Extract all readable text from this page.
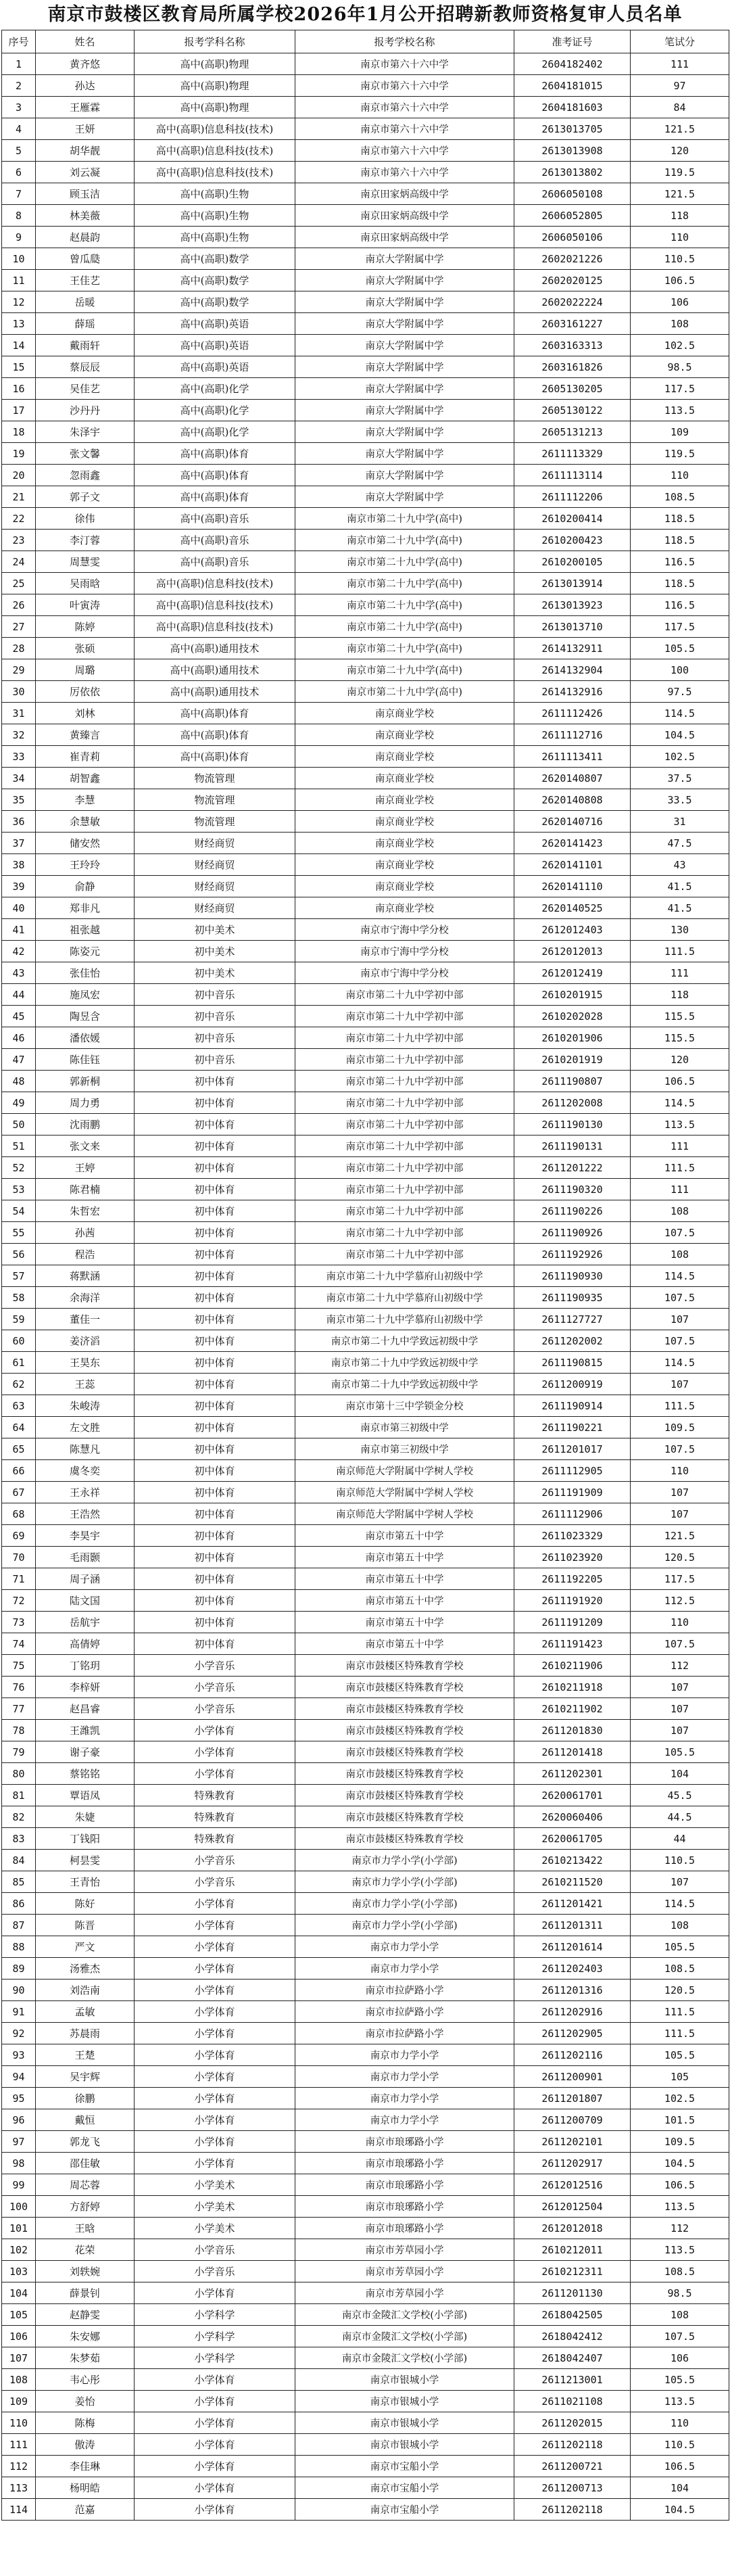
南京市鼓楼区教育局所属学校2026年1月公开招聘新教师资格复审人员名单
序号	姓名	报考学科名称	报考学校名称	准考证号	笔试分
1	黄齐悠	高中(高职)物理	南京市第六十六中学	2604182402	111
2	孙达	高中(高职)物理	南京市第六十六中学	2604181015	97
3	王雁霖	高中(高职)物理	南京市第六十六中学	2604181603	84
4	王妍	高中(高职)信息科技(技术)	南京市第六十六中学	2613013705	121.5
5	胡华靓	高中(高职)信息科技(技术)	南京市第六十六中学	2613013908	120
6	刘云凝	高中(高职)信息科技(技术)	南京市第六十六中学	2613013802	119.5
7	顾玉洁	高中(高职)生物	南京田家炳高级中学	2606050108	121.5
8	林美薇	高中(高职)生物	南京田家炳高级中学	2606052805	118
9	赵晨韵	高中(高职)生物	南京田家炳高级中学	2606050106	110
10	曾瓜瓞	高中(高职)数学	南京大学附属中学	2602021226	110.5
11	王佳艺	高中(高职)数学	南京大学附属中学	2602020125	106.5
12	岳暖	高中(高职)数学	南京大学附属中学	2602022224	106
13	薛瑶	高中(高职)英语	南京大学附属中学	2603161227	108
14	戴雨轩	高中(高职)英语	南京大学附属中学	2603163313	102.5
15	蔡辰辰	高中(高职)英语	南京大学附属中学	2603161826	98.5
16	吴佳艺	高中(高职)化学	南京大学附属中学	2605130205	117.5
17	沙丹丹	高中(高职)化学	南京大学附属中学	2605130122	113.5
18	朱泽宇	高中(高职)化学	南京大学附属中学	2605131213	109
19	张文馨	高中(高职)体育	南京大学附属中学	2611113329	119.5
20	忽雨鑫	高中(高职)体育	南京大学附属中学	2611113114	110
21	郭子文	高中(高职)体育	南京大学附属中学	2611112206	108.5
22	徐伟	高中(高职)音乐	南京市第二十九中学(高中)	2610200414	118.5
23	李汀蓉	高中(高职)音乐	南京市第二十九中学(高中)	2610200423	118.5
24	周慧雯	高中(高职)音乐	南京市第二十九中学(高中)	2610200105	116.5
25	吴雨晗	高中(高职)信息科技(技术)	南京市第二十九中学(高中)	2613013914	118.5
26	叶寅涛	高中(高职)信息科技(技术)	南京市第二十九中学(高中)	2613013923	116.5
27	陈婷	高中(高职)信息科技(技术)	南京市第二十九中学(高中)	2613013710	117.5
28	张硕	高中(高职)通用技术	南京市第二十九中学(高中)	2614132911	105.5
29	周璐	高中(高职)通用技术	南京市第二十九中学(高中)	2614132904	100
30	厉依依	高中(高职)通用技术	南京市第二十九中学(高中)	2614132916	97.5
31	刘林	高中(高职)体育	南京商业学校	2611112426	114.5
32	黄臻言	高中(高职)体育	南京商业学校	2611112716	104.5
33	崔青莉	高中(高职)体育	南京商业学校	2611113411	102.5
34	胡智鑫	物流管理	南京商业学校	2620140807	37.5
35	李慧	物流管理	南京商业学校	2620140808	33.5
36	余慧敏	物流管理	南京商业学校	2620140716	31
37	储安然	财经商贸	南京商业学校	2620141423	47.5
38	王玲玲	财经商贸	南京商业学校	2620141101	43
39	俞静	财经商贸	南京商业学校	2620141110	41.5
40	郑非凡	财经商贸	南京商业学校	2620140525	41.5
41	祖张越	初中美术	南京市宁海中学分校	2612012403	130
42	陈姿元	初中美术	南京市宁海中学分校	2612012013	111.5
43	张佳怡	初中美术	南京市宁海中学分校	2612012419	111
44	施凤宏	初中音乐	南京市第二十九中学初中部	2610201915	118
45	陶昱含	初中音乐	南京市第二十九中学初中部	2610202028	115.5
46	潘依媛	初中音乐	南京市第二十九中学初中部	2610201906	115.5
47	陈佳钰	初中音乐	南京市第二十九中学初中部	2610201919	120
48	郭新桐	初中体育	南京市第二十九中学初中部	2611190807	106.5
49	周力勇	初中体育	南京市第二十九中学初中部	2611202008	114.5
50	沈雨鹏	初中体育	南京市第二十九中学初中部	2611190130	113.5
51	张文来	初中体育	南京市第二十九中学初中部	2611190131	111
52	王婷	初中体育	南京市第二十九中学初中部	2611201222	111.5
53	陈君楠	初中体育	南京市第二十九中学初中部	2611190320	111
54	朱哲宏	初中体育	南京市第二十九中学初中部	2611190226	108
55	孙茜	初中体育	南京市第二十九中学初中部	2611190926	107.5
56	程浩	初中体育	南京市第二十九中学初中部	2611192926	108
57	蒋默涵	初中体育	南京市第二十九中学慕府山初级中学	2611190930	114.5
58	余海洋	初中体育	南京市第二十九中学慕府山初级中学	2611190935	107.5
59	董佳一	初中体育	南京市第二十九中学慕府山初级中学	2611127727	107
60	姜济滔	初中体育	南京市第二十九中学致远初级中学	2611202002	107.5
61	王昊东	初中体育	南京市第二十九中学致远初级中学	2611190815	114.5
62	王蕊	初中体育	南京市第二十九中学致远初级中学	2611200919	107
63	朱峻涛	初中体育	南京市第十三中学锁金分校	2611190914	111.5
64	左文胜	初中体育	南京市第三初级中学	2611190221	109.5
65	陈慧凡	初中体育	南京市第三初级中学	2611201017	107.5
66	虞冬奕	初中体育	南京师范大学附属中学树人学校	2611112905	110
67	王永祥	初中体育	南京师范大学附属中学树人学校	2611191909	107
68	王浩然	初中体育	南京师范大学附属中学树人学校	2611112906	107
69	李昊宇	初中体育	南京市第五十中学	2611023329	121.5
70	毛雨颢	初中体育	南京市第五十中学	2611023920	120.5
71	周子涵	初中体育	南京市第五十中学	2611192205	117.5
72	陆文国	初中体育	南京市第五十中学	2611191920	112.5
73	岳航宇	初中体育	南京市第五十中学	2611191209	110
74	高倩婷	初中体育	南京市第五十中学	2611191423	107.5
75	丁铭玥	小学音乐	南京市鼓楼区特殊教育学校	2610211906	112
76	李梓妍	小学音乐	南京市鼓楼区特殊教育学校	2610211918	107
77	赵昌睿	小学音乐	南京市鼓楼区特殊教育学校	2610211902	107
78	王潍凯	小学体育	南京市鼓楼区特殊教育学校	2611201830	107
79	谢子豪	小学体育	南京市鼓楼区特殊教育学校	2611201418	105.5
80	蔡铭铭	小学体育	南京市鼓楼区特殊教育学校	2611202301	104
81	覃语凤	特殊教育	南京市鼓楼区特殊教育学校	2620061701	45.5
82	朱婕	特殊教育	南京市鼓楼区特殊教育学校	2620060406	44.5
83	丁钱阳	特殊教育	南京市鼓楼区特殊教育学校	2620061705	44
84	柯昙雯	小学音乐	南京市力学小学(小学部)	2610213422	110.5
85	王青怡	小学音乐	南京市力学小学(小学部)	2610211520	107
86	陈好	小学体育	南京市力学小学(小学部)	2611201421	114.5
87	陈晋	小学体育	南京市力学小学(小学部)	2611201311	108
88	严文	小学体育	南京市力学小学	2611201614	105.5
89	汤雅杰	小学体育	南京市力学小学	2611202403	108.5
90	刘浩南	小学体育	南京市拉萨路小学	2611201316	120.5
91	孟敏	小学体育	南京市拉萨路小学	2611202916	111.5
92	苏晨雨	小学体育	南京市拉萨路小学	2611202905	111.5
93	王楚	小学体育	南京市力学小学	2611202116	105.5
94	吴宇辉	小学体育	南京市力学小学	2611200901	105
95	徐鹏	小学体育	南京市力学小学	2611201807	102.5
96	戴恒	小学体育	南京市力学小学	2611200709	101.5
97	郭龙飞	小学体育	南京市琅琊路小学	2611202101	109.5
98	邵佳敏	小学体育	南京市琅琊路小学	2611202917	104.5
99	周芯蓉	小学美术	南京市琅琊路小学	2612012516	106.5
100	方舒婷	小学美术	南京市琅琊路小学	2612012504	113.5
101	王晗	小学美术	南京市琅琊路小学	2612012018	112
102	花荣	小学音乐	南京市芳草园小学	2610212011	113.5
103	刘轶婉	小学音乐	南京市芳草园小学	2610212311	108.5
104	薛景钊	小学体育	南京市芳草园小学	2611201130	98.5
105	赵静雯	小学科学	南京市金陵汇文学校(小学部)	2618042505	108
106	朱安娜	小学科学	南京市金陵汇文学校(小学部)	2618042412	107.5
107	朱梦茹	小学科学	南京市金陵汇文学校(小学部)	2618042407	106
108	韦心彤	小学体育	南京市银城小学	2611213001	105.5
109	姜怡	小学体育	南京市银城小学	2611021108	113.5
110	陈梅	小学体育	南京市银城小学	2611202015	110
111	傲涛	小学体育	南京市银城小学	2611202118	110.5
112	李佳琳	小学体育	南京市宝船小学	2611200721	106.5
113	杨明皓	小学体育	南京市宝船小学	2611200713	104
114	范嘉	小学体育	南京市宝船小学	2611202118	104.5
